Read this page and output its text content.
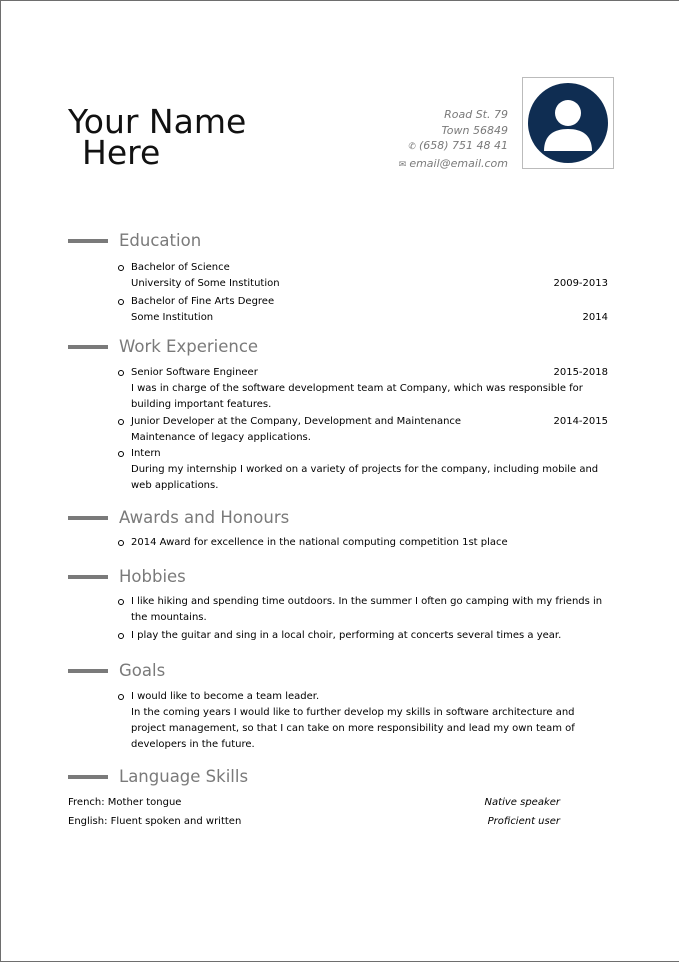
Your Name
Here
Road St. 79
Town 56849
✆ (658) 751 48 41
✉ email@email.com
Education
Bachelor of Science
University of Some Institution	2009-2013
Bachelor of Fine Arts Degree
Some Institution	2014
Work Experience
Senior Software Engineer	2015-2018
I was in charge of the software development team at Company, which was responsible for building important features.
Junior Developer at the Company, Development and Maintenance	2014-2015
Maintenance of legacy applications.
Intern
During my internship I worked on a variety of projects for the company, including mobile and web applications.
Awards and Honours
2014 Award for excellence in the national computing competition 1st place
Hobbies
I like hiking and spending time outdoors. In the summer I often go camping with my friends in the mountains.
I play the guitar and sing in a local choir, performing at concerts several times a year.
Goals
I would like to become a team leader.
In the coming years I would like to further develop my skills in software architecture and project management, so that I can take on more responsibility and lead my own team of developers in the future.
Language Skills
French: Mother tongue	Native speaker
English: Fluent spoken and written	Proficient user
